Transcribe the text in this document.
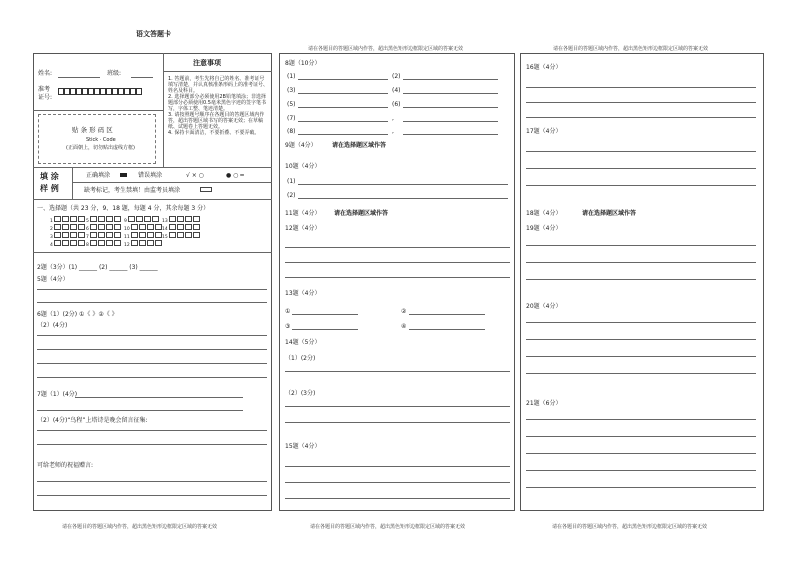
语文答题卡
请在各题目的答题区域内作答，超出黑色矩形边框限定区域的答案无效	请在各题目的答题区域内作答，超出黑色矩形边框限定区域的答案无效
姓名:	班级:
准考
证号:
注意事项
1. 答题前，考生先将自己的姓名、准考证号填写清楚，并认真核准条形码上的准考证号、姓名及科目。
2. 选择题部分必须使用2B铅笔填涂；非选择题部分必须使用0.5毫米黑色字迹的签字笔书写，字体工整、笔迹清楚。
3. 请按照题号顺序在各题目的答题区域内作答，超出答题区域书写的答案无效；在草稿纸、试题卷上答题无效。
4. 保持卡面清洁，不要折叠、不要弄破。
贴 条 形 码 区
Stick · Code
(正面朝上，切勿贴出虚线方框)
填 涂
样 例
正确填涂	错误填涂	√ × ○	● ○ ━
缺考标记，考生禁填！由监考员填涂
一、选择题（共 23 分，9、18 题，每题 4 分，其余每题 3 分）
1	5	9	13
2	6	10	14
3	7	11	15
4	8	12
2题（3分）(1) ______ (2) ______ (3) ______
5题（4分）
6题（1）(2分) ①《 》②《 》
（2）(4分)
7题（1）(4分)
（2）(4分)“鸟程”上塔诗是晚会留言征集:
可给老师的祝福赠言:
8题（10分）
(1)	(2)
(3)	(4)
(5)	(6)
(7)	,
(8)	,
9题（4分）	请在选择题区域作答
10题（4分）
(1)
(2)
11题（4分） 请在选择题区域作答
12题（4分）
13题（4分）
①	②
③	④
14题（5分）
（1）(2分)
（2）(3分)
15题（4分）
16题（4分）
17题（4分）
18题（4分）	请在选择题区域作答
19题（4分）
20题（4分）
21题（6分）
请在各题目的答题区域内作答，超出黑色矩形边框限定区域的答案无效	请在各题目的答题区域内作答，超出黑色矩形边框限定区域的答案无效	请在各题目的答题区域内作答，超出黑色矩形边框限定区域的答案无效
